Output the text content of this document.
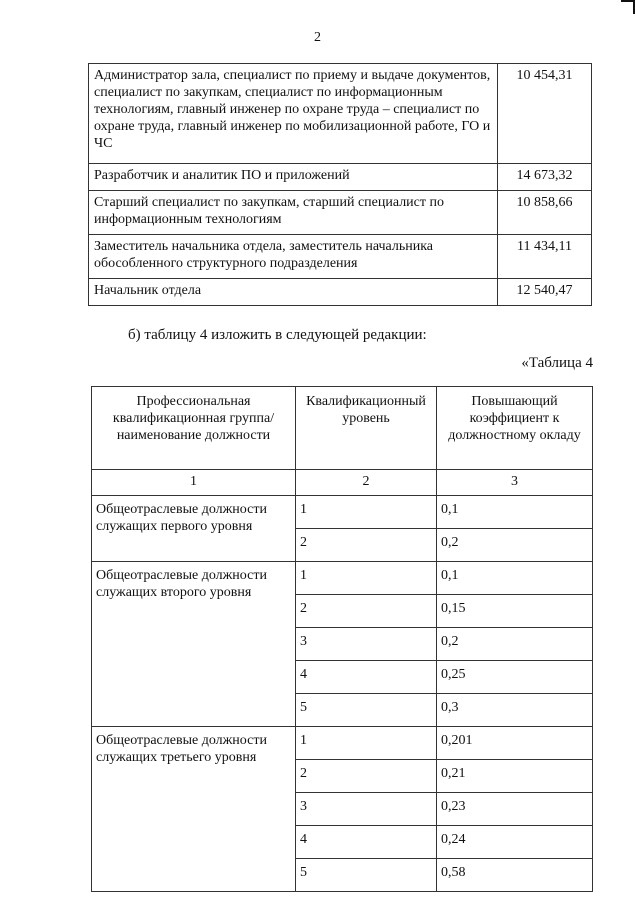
2
Администратор зала, специалист по приему и выдаче документов, специалист по закупкам, специалист по информационным технологиям, главный инженер по охране труда – специалист по охране труда, главный инженер по мобилизационной работе, ГО и ЧС	10 454,31
Разработчик и аналитик ПО и приложений	14 673,32
Старший специалист по закупкам, старший специалист по информационным технологиям	10 858,66
Заместитель начальника отдела, заместитель начальника обособленного структурного подразделения	11 434,11
Начальник отдела	12 540,47
б) таблицу 4 изложить в следующей редакции:
«Таблица 4
Профессиональная квалификационная группа/ наименование должности	Квалификационный уровень	Повышающий коэффициент к должностному окладу
1	2	3
Общеотраслевые должности служащих первого уровня	1	0,1
	2	0,2
Общеотраслевые должности служащих второго уровня	1	0,1
	2	0,15
	3	0,2
	4	0,25
	5	0,3
Общеотраслевые должности служащих третьего уровня	1	0,201
	2	0,21
	3	0,23
	4	0,24
	5	0,58
